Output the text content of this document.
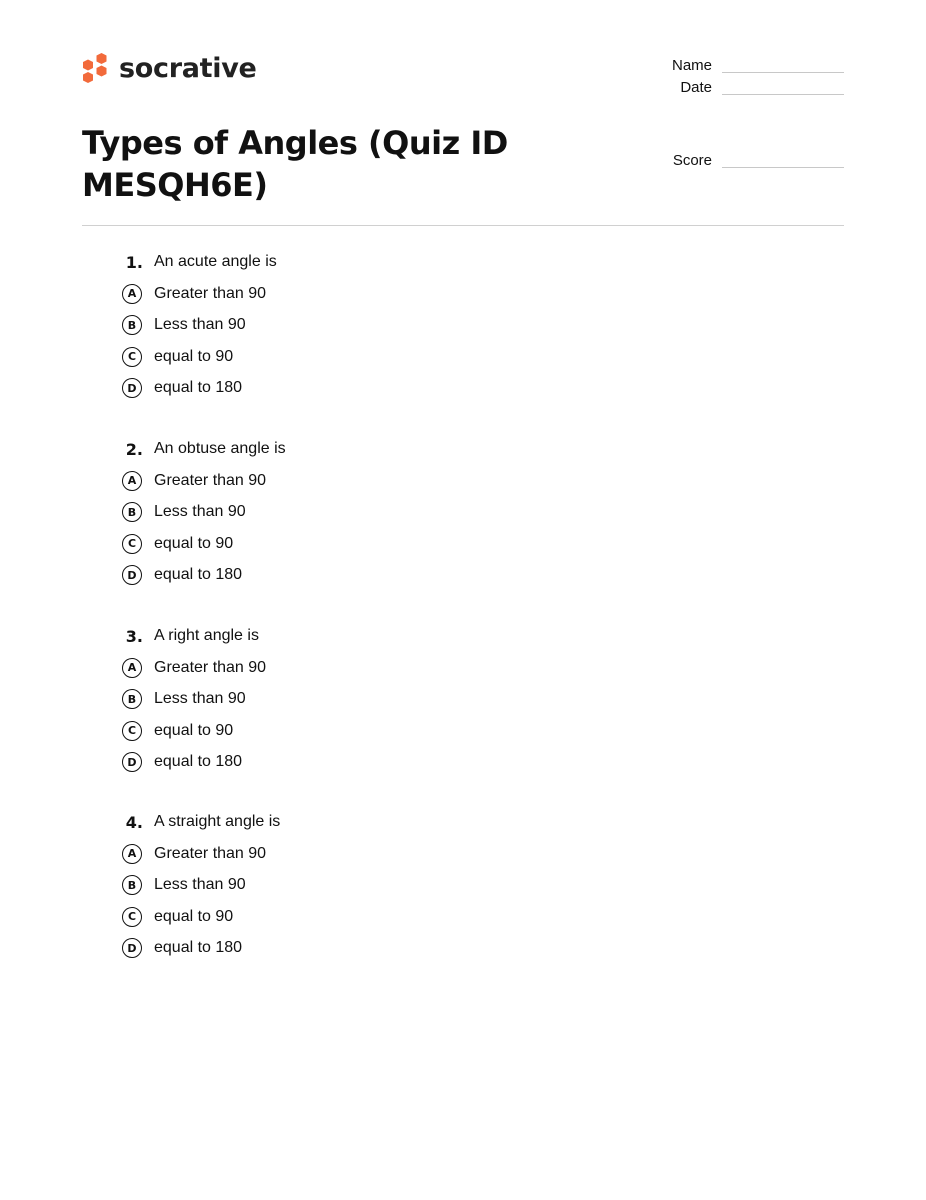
socrative
Types of Angles (Quiz ID MESQH6E)
Name
Date
Score
1. An acute angle is
A	Greater than 90
B	Less than 90
C	equal to 90
D	equal to 180
2. An obtuse angle is
A	Greater than 90
B	Less than 90
C	equal to 90
D	equal to 180
3. A right angle is
A	Greater than 90
B	Less than 90
C	equal to 90
D	equal to 180
4. A straight angle is
A	Greater than 90
B	Less than 90
C	equal to 90
D	equal to 180
